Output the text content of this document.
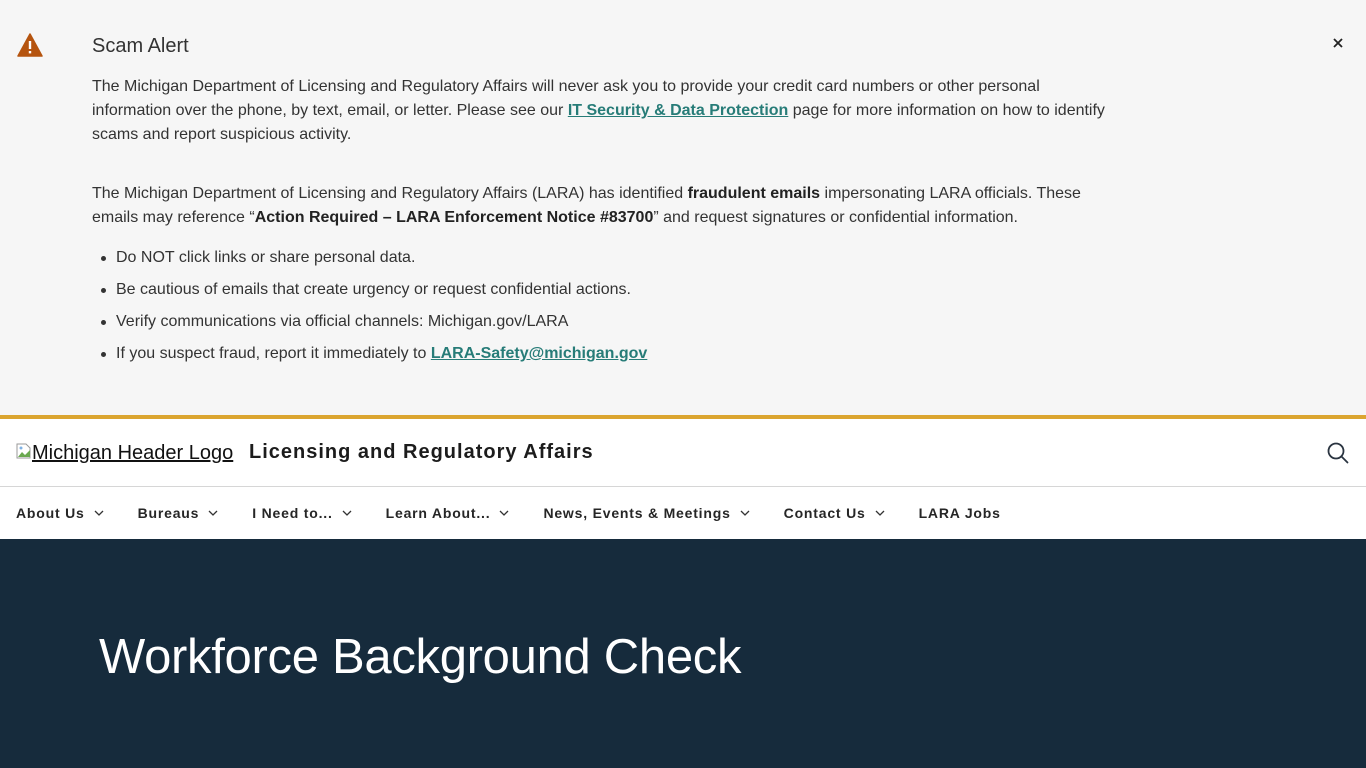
Scam Alert

The Michigan Department of Licensing and Regulatory Affairs will never ask you to provide your credit card numbers or other personal information over the phone, by text, email, or letter. Please see our IT Security & Data Protection page for more information on how to identify scams and report suspicious activity.

The Michigan Department of Licensing and Regulatory Affairs (LARA) has identified fraudulent emails impersonating LARA officials. These emails may reference “Action Required – LARA Enforcement Notice #83700” and request signatures or confidential information.

Do NOT click links or share personal data.
Be cautious of emails that create urgency or request confidential actions.
Verify communications via official channels: Michigan.gov/LARA
If you suspect fraud, report it immediately to LARA-Safety@michigan.gov
Michigan Header Logo Licensing and Regulatory Affairs
About Us	Bureaus	I Need to...	Learn About...	News, Events & Meetings	Contact Us	LARA Jobs
Workforce Background Check
